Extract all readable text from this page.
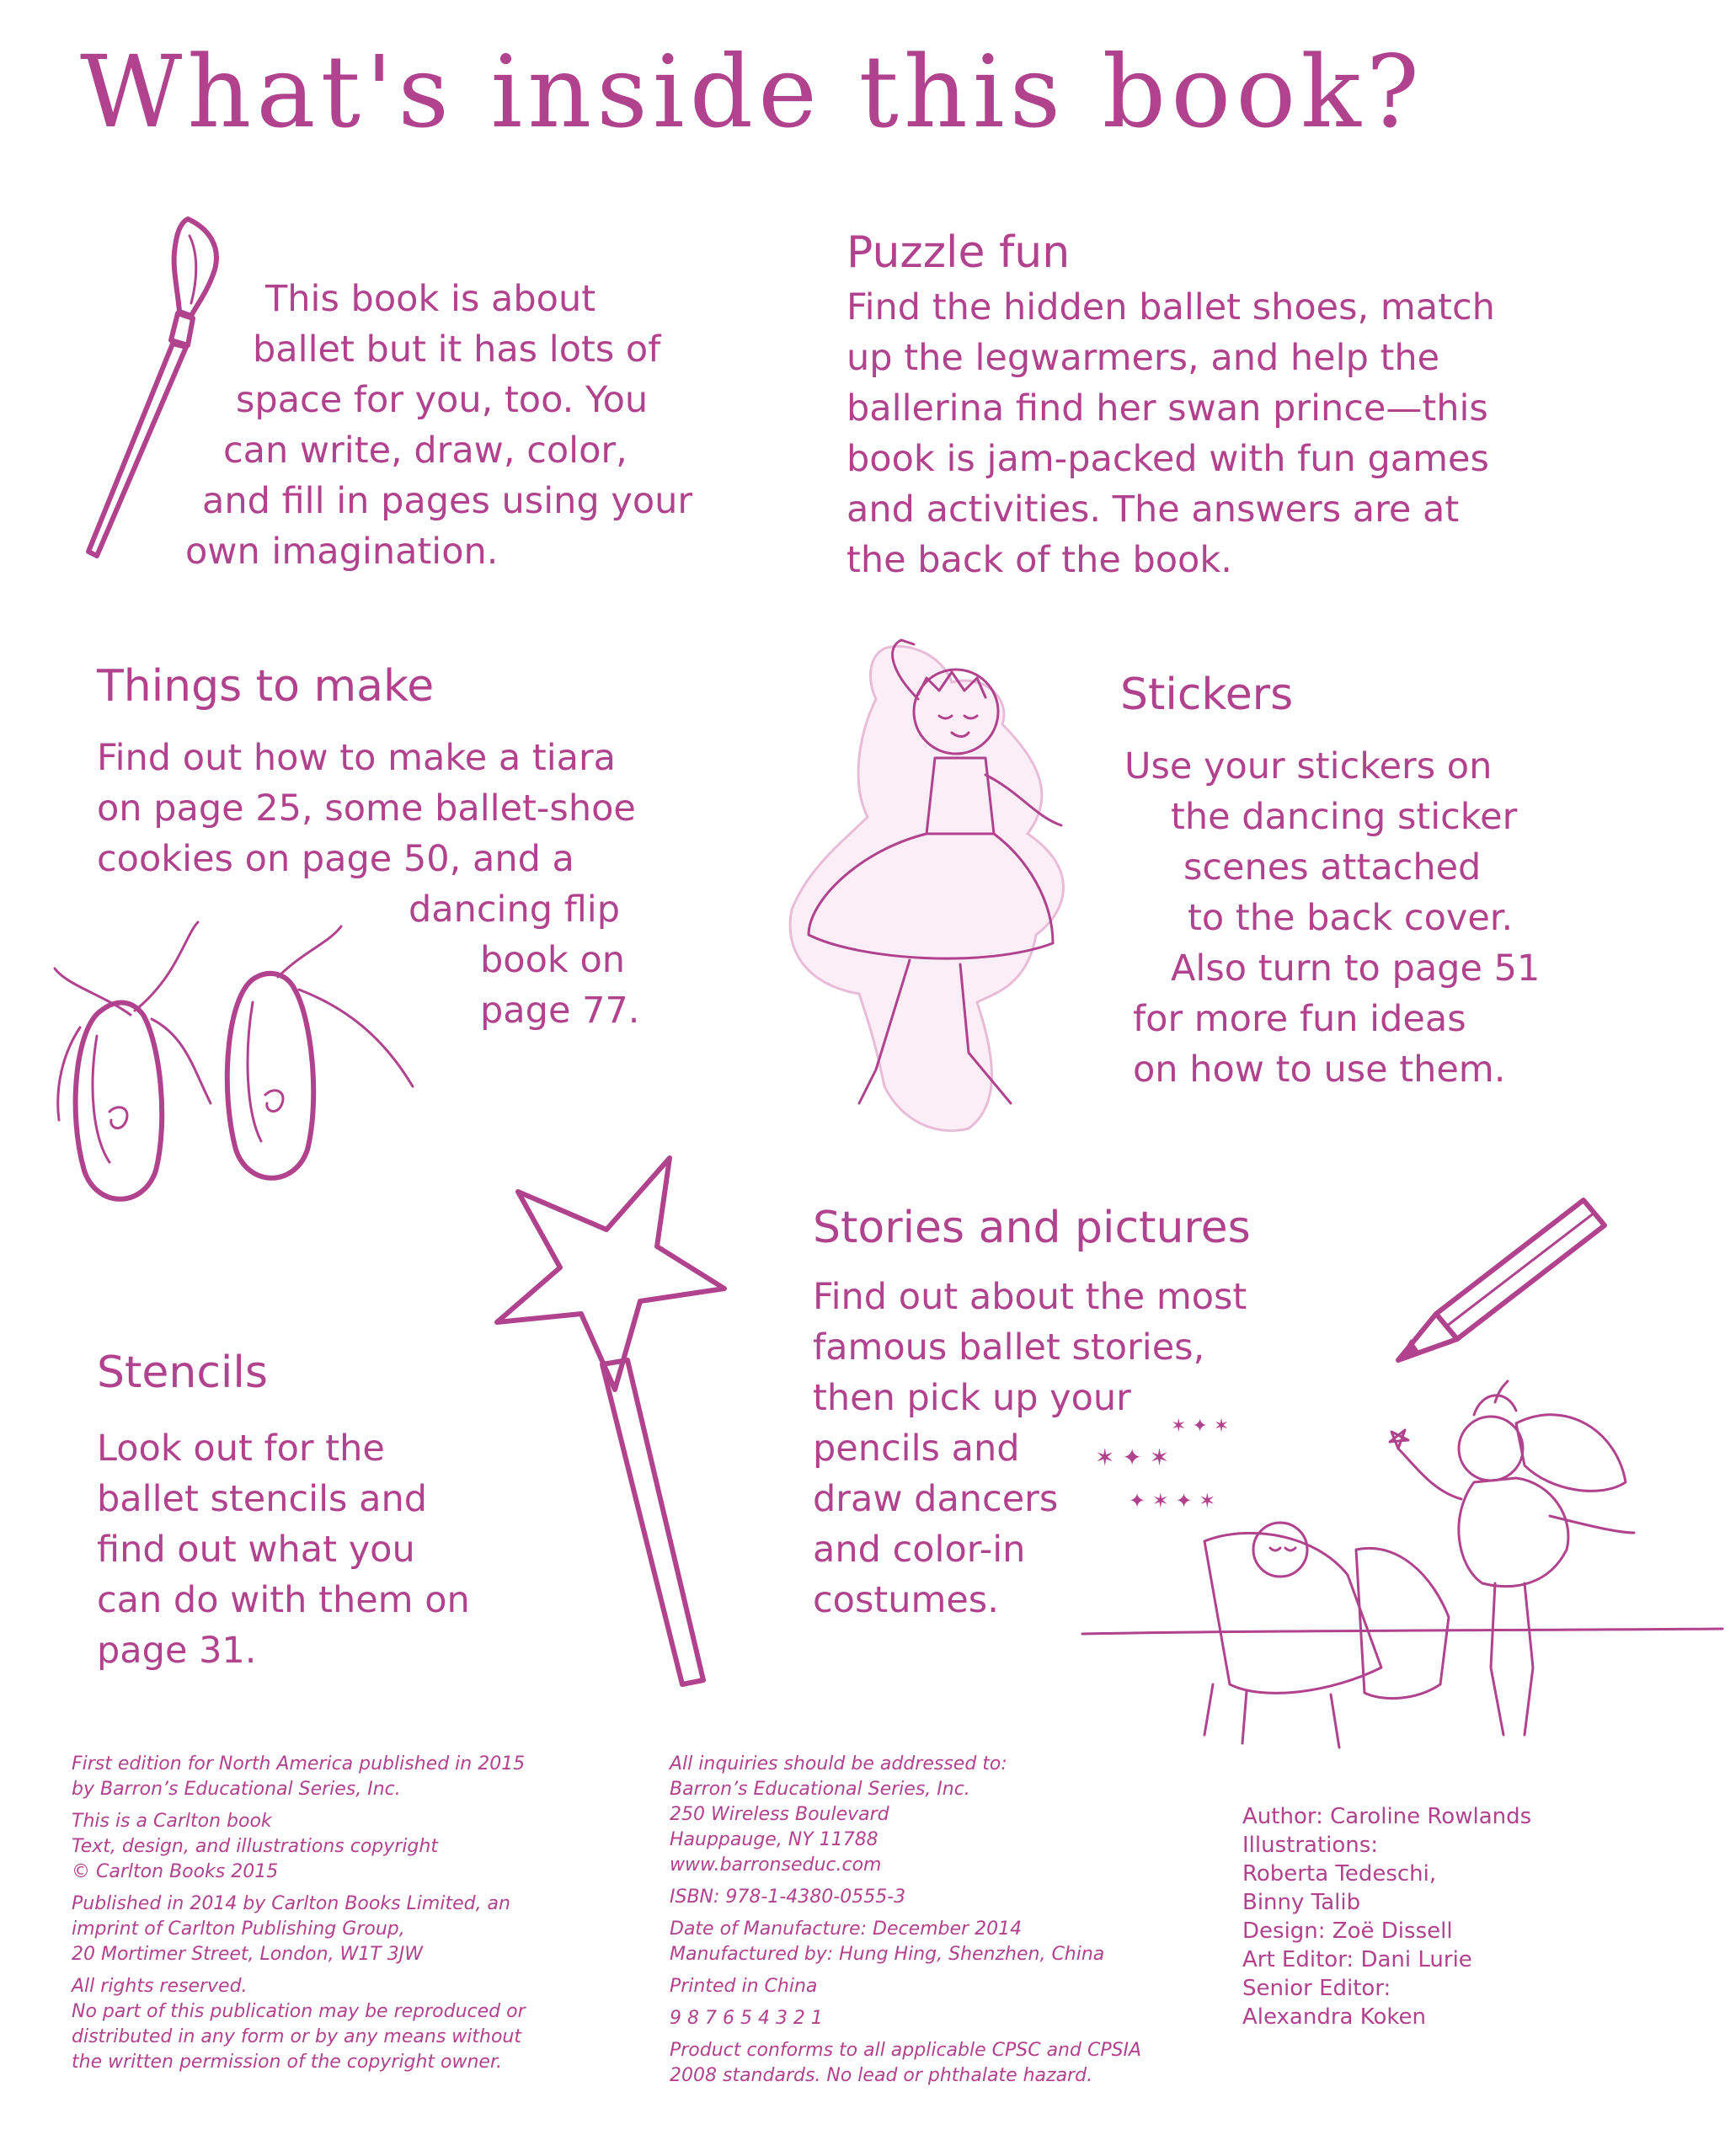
What's inside this book?
This book is about
ballet but it has lots of
space for you, too. You
can write, draw, color,
and fill in pages using your
own imagination.
Puzzle fun
Find the hidden ballet shoes, match
up the legwarmers, and help the
ballerina find her swan prince—this
book is jam-packed with fun games
and activities. The answers are at
the back of the book.
Things to make
Find out how to make a tiara
on page 25, some ballet-shoe
cookies on page 50, and a
dancing flip
book on
page 77.
Stickers
Use your stickers on
the dancing sticker
scenes attached
to the back cover.
Also turn to page 51
for more fun ideas
on how to use them.
Stories and pictures
Find out about the most
famous ballet stories,
then pick up your
pencils and
draw dancers
and color-in
costumes.
✶ ✦ ✶
✦ ✶ ✦ ✶
✶ ✦ ✶
Stencils
Look out for the
ballet stencils and
find out what you
can do with them on
page 31.
First edition for North America published in 2015
by Barron’s Educational Series, Inc.
This is a Carlton book
Text, design, and illustrations copyright
© Carlton Books 2015
Published in 2014 by Carlton Books Limited, an
imprint of Carlton Publishing Group,
20 Mortimer Street, London, W1T 3JW
All rights reserved.
No part of this publication may be reproduced or
distributed in any form or by any means without
the written permission of the copyright owner.
All inquiries should be addressed to:
Barron’s Educational Series, Inc.
250 Wireless Boulevard
Hauppauge, NY 11788
www.barronseduc.com
ISBN: 978-1-4380-0555-3
Date of Manufacture: December 2014
Manufactured by: Hung Hing, Shenzhen, China
Printed in China
9 8 7 6 5 4 3 2 1
Product conforms to all applicable CPSC and CPSIA
2008 standards. No lead or phthalate hazard.
Author: Caroline Rowlands
Illustrations:
Roberta Tedeschi,
Binny Talib
Design: Zoë Dissell
Art Editor: Dani Lurie
Senior Editor:
Alexandra Koken
